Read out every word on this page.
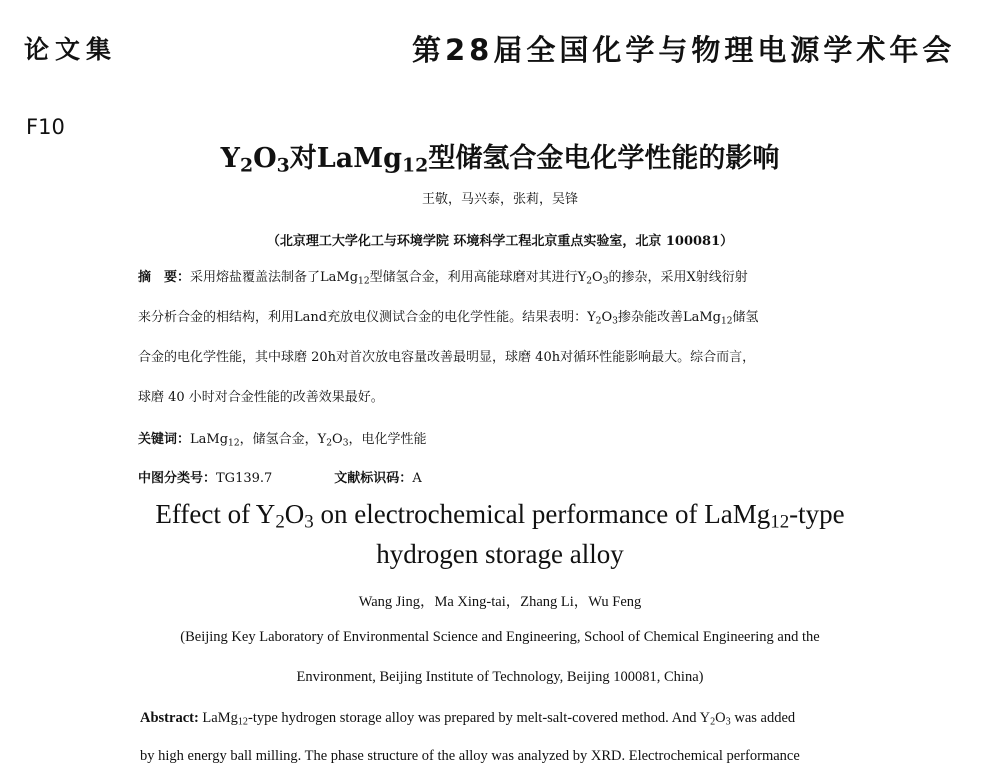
论文集	第28届全国化学与物理电源学术年会
F10
$Y_2O_3$对LaMg$_{12}$型储氢合金电化学性能的影响
王敬，马兴泰，张莉，吴锋
（北京理工大学化工与环境学院 环境科学工程北京重点实验室，北京 100081）
摘　要：采用熔盐覆盖法制备了LaMg$_{12}$型储氢合金，利用高能球磨对其进行$Y_2O_3$的掺杂，采用X射线衍射
来分析合金的相结构，利用Land充放电仪测试合金的电化学性能。结果表明：$Y_2O_3$掺杂能改善LaMg$_{12}$储氢
合金的电化学性能，其中球磨 20h对首次放电容量改善最明显，球磨 40h对循环性能影响最大。综合而言，
球磨 40 小时对合金性能的改善效果最好。
关键词：LaMg$_{12}$，储氢合金，$Y_2O_3$，电化学性能
中图分类号：TG139.7	文献标识码：A
Effect of $Y_2O_3$ on electrochemical performance of LaMg$_{12}$-type
hydrogen storage alloy
Wang Jing，Ma Xing-tai，Zhang Li，Wu Feng
(Beijing Key Laboratory of Environmental Science and Engineering, School of Chemical Engineering and the
Environment, Beijing Institute of Technology, Beijing 100081, China)
Abstract: LaMg$_{12}$-type hydrogen storage alloy was prepared by melt-salt-covered method. And $Y_2O_3$ was added
by high energy ball milling. The phase structure of the alloy was analyzed by XRD. Electrochemical performance
